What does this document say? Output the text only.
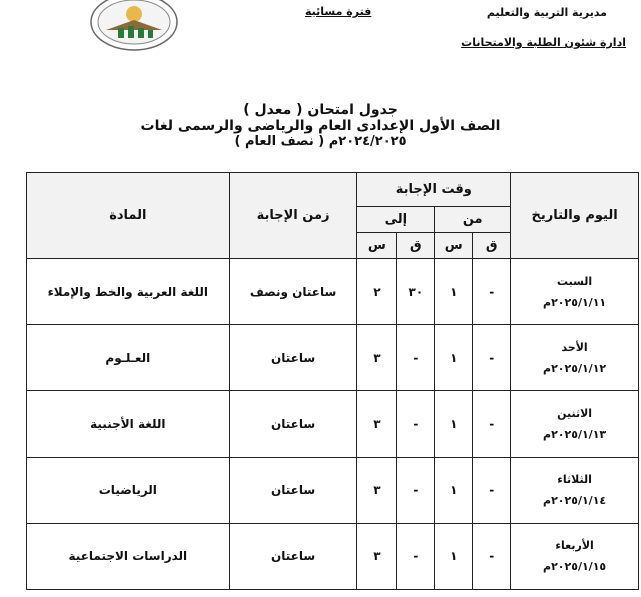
مديرية التربية والتعليم
ادارة شئون الطلبة والامتحانات
فترة مسائية
جدول امتحان ( معدل )
الصف الأول الإعدادى العام والرياضى والرسمى لغات
( نصف العام ) ٢٠٢٤/٢٠٢٥م
اليوم والتاريخ	وقت الإجابة				زمن الإجابة	المادة
	من		إلى			
	ق	س	ق	س		

السبت
٢٠٢٥/١/١١م	-	١	٣٠	٢	ساعتان ونصف	اللغة العربية والخط والإملاء

الأحد
٢٠٢٥/١/١٢م	-	١	-	٣	ساعتان	العـلـوم

الاثنين
٢٠٢٥/١/١٣م	-	١	-	٣	ساعتان	اللغة الأجنبية

الثلاثاء
٢٠٢٥/١/١٤م	-	١	-	٣	ساعتان	الرياضيات

الأربعاء
٢٠٢٥/١/١٥م	-	١	-	٣	ساعتان	الدراسات الاجتماعية
